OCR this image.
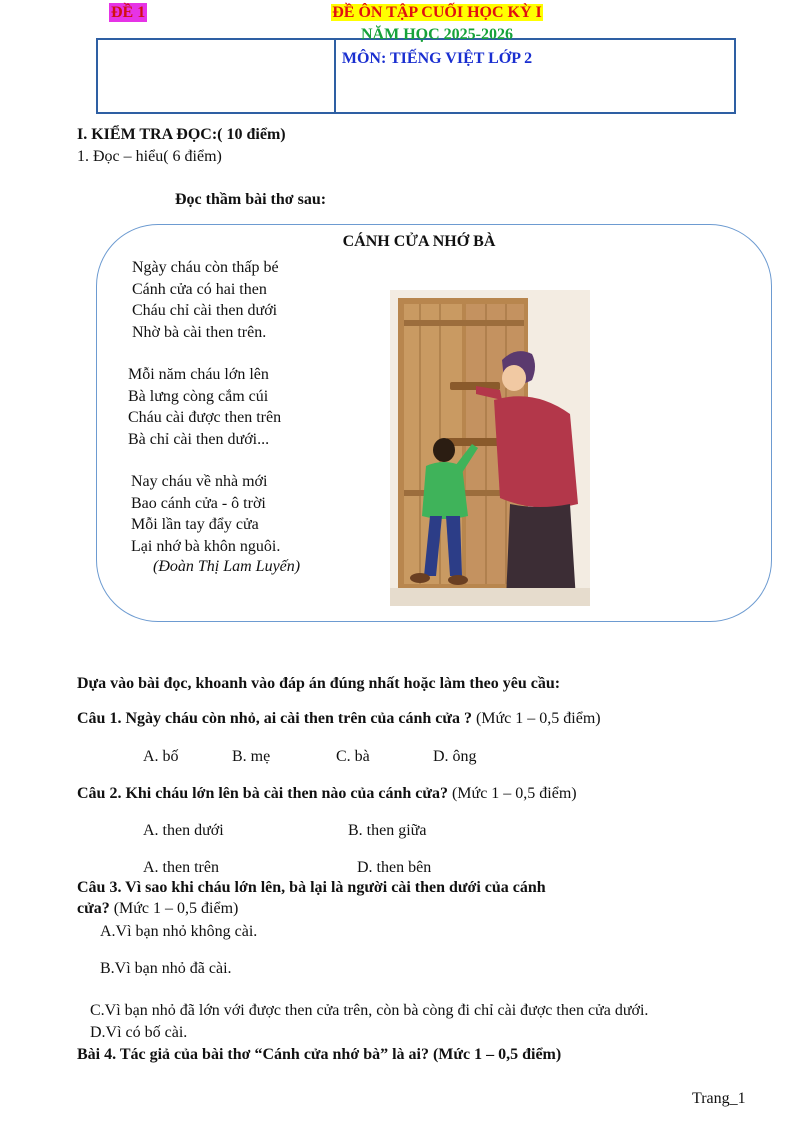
ĐỀ 1	ĐỀ ÔN TẬP CUỐI HỌC KỲ I
NĂM HỌC 2025-2026
MÔN: TIẾNG VIỆT LỚP 2
I. KIỂM TRA ĐỌC:( 10 điểm)
1. Đọc – hiểu( 6 điểm)
Đọc thầm bài thơ sau:
CÁNH CỬA NHỚ BÀ
Ngày cháu còn thấp bé
Cánh cửa có hai then
Cháu chỉ cài then dưới
Nhờ bà cài then trên.
Mỗi năm cháu lớn lên
Bà lưng còng cắm cúi
Cháu cài được then trên
Bà chỉ cài then dưới...
Nay cháu về nhà mới
Bao cánh cửa - ô trời
Mỗi lần tay đẩy cửa
Lại nhớ bà khôn nguôi.
(Đoàn Thị Lam Luyến)
Dựa vào bài đọc, khoanh vào đáp án đúng nhất hoặc làm theo yêu cầu:
Câu 1. Ngày cháu còn nhỏ, ai cài then trên của cánh cửa ? (Mức 1 – 0,5 điểm)
A. bố	B. mẹ	C. bà	D. ông
Câu 2. Khi cháu lớn lên bà cài then nào của cánh cửa? (Mức 1 – 0,5 điểm)
A. then dưới	B. then giữa
A. then trên	D. then bên
Câu 3. Vì sao khi cháu lớn lên, bà lại là người cài then dưới của cánh
cửa? (Mức 1 – 0,5 điểm)
A.Vì bạn nhỏ không cài.
B.Vì bạn nhỏ đã cài.
C.Vì bạn nhỏ đã lớn với được then cửa trên, còn bà còng đi chỉ cài được then cửa dưới.
D.Vì có bố cài.
Bài 4. Tác giả của bài thơ “Cánh cửa nhớ bà” là ai? (Mức 1 – 0,5 điểm)
Trang_1
